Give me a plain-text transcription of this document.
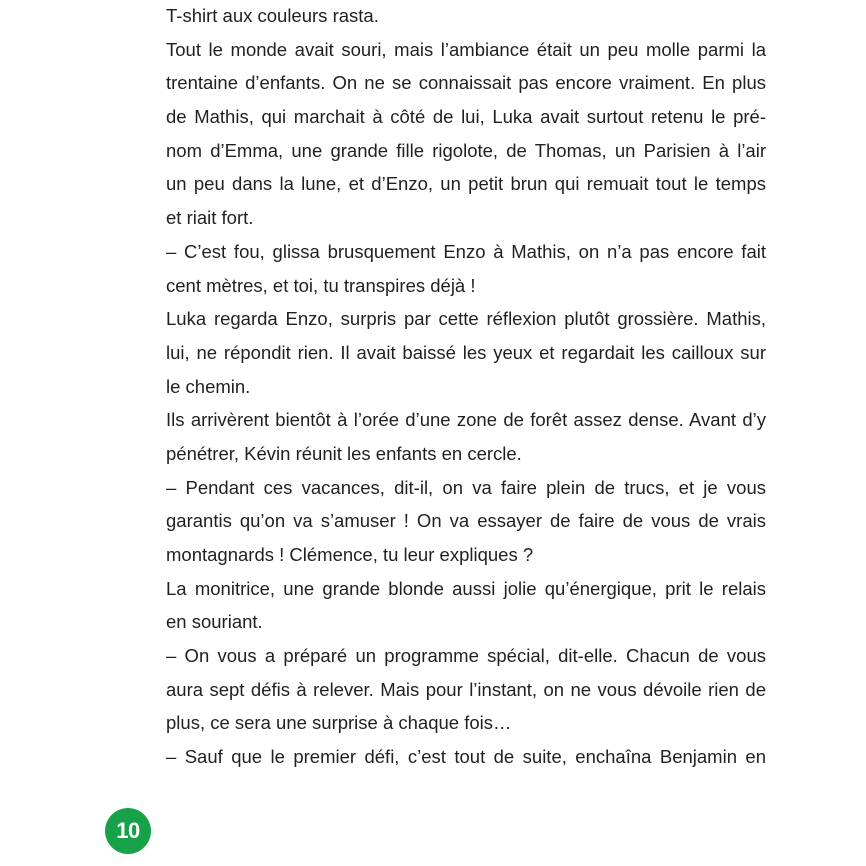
T-shirt aux couleurs rasta.
Tout le monde avait souri, mais l’ambiance était un peu molle parmi la
trentaine d’enfants. On ne se connaissait pas encore vraiment. En plus
de Mathis, qui marchait à côté de lui, Luka avait surtout retenu le pré-
nom d’Emma, une grande fille rigolote, de Thomas, un Parisien à l’air
un peu dans la lune, et d’Enzo, un petit brun qui remuait tout le temps
et riait fort.
– C’est fou, glissa brusquement Enzo à Mathis, on n’a pas encore fait
cent mètres, et toi, tu transpires déjà !
Luka regarda Enzo, surpris par cette réflexion plutôt grossière. Mathis,
lui, ne répondit rien. Il avait baissé les yeux et regardait les cailloux sur
le chemin.
Ils arrivèrent bientôt à l’orée d’une zone de forêt assez dense. Avant d’y
pénétrer, Kévin réunit les enfants en cercle.
– Pendant ces vacances, dit-il, on va faire plein de trucs, et je vous
garantis qu’on va s’amuser ! On va essayer de faire de vous de vrais
montagnards ! Clémence, tu leur expliques ?
La monitrice, une grande blonde aussi jolie qu’énergique, prit le relais
en souriant.
– On vous a préparé un programme spécial, dit-elle. Chacun de vous
aura sept défis à relever. Mais pour l’instant, on ne vous dévoile rien de
plus, ce sera une surprise à chaque fois…
– Sauf que le premier défi, c’est tout de suite, enchaîna Benjamin en
10
